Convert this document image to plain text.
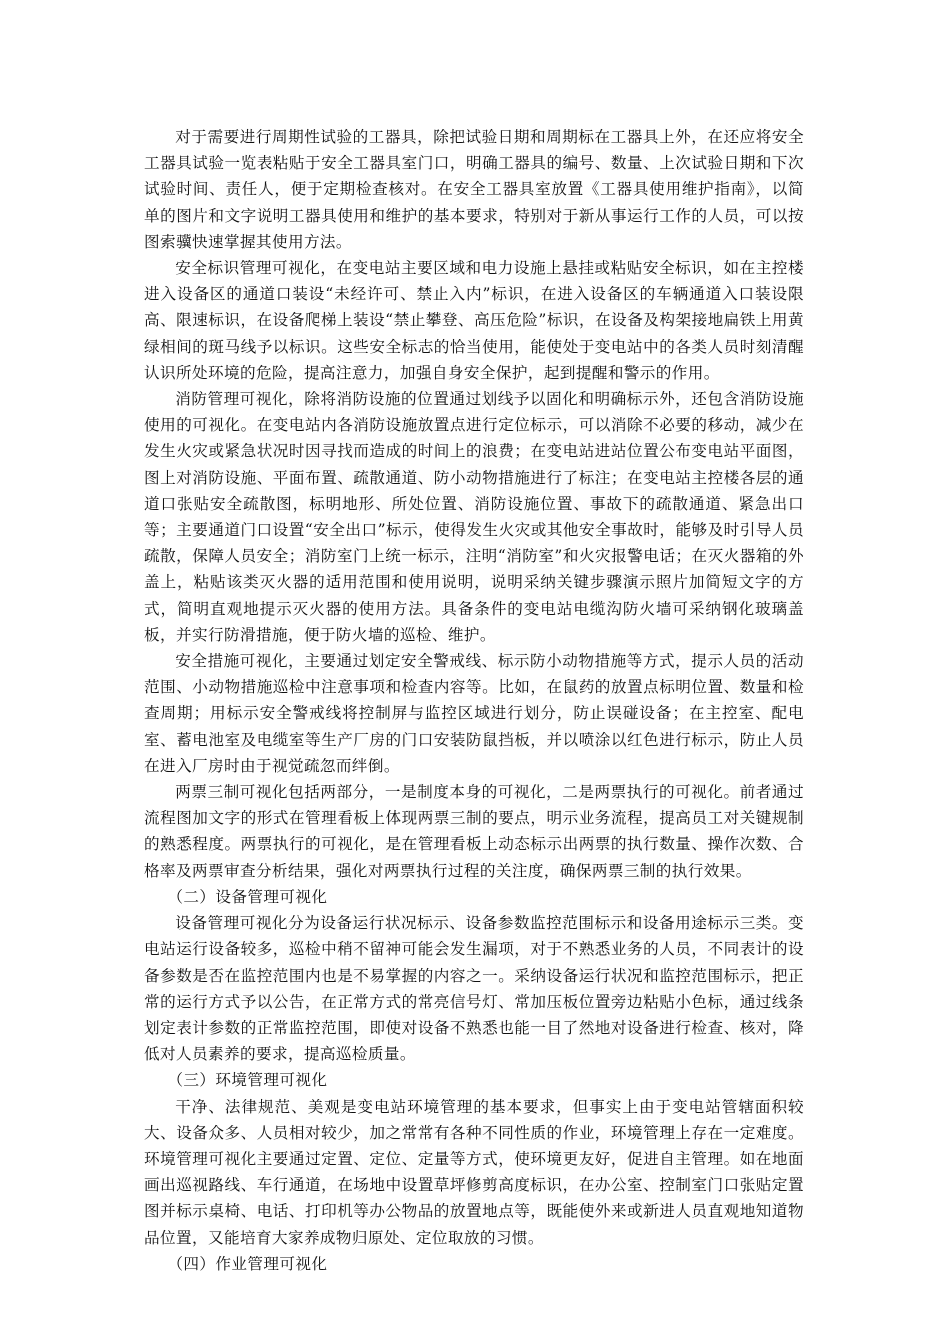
对于需要进行周期性试验的工器具，除把试验日期和周期标在工器具上外，在还应将安全工器具试验一览表粘贴于安全工器具室门口，明确工器具的编号、数量、上次试验日期和下次试验时间、责任人，便于定期检查核对。在安全工器具室放置《工器具使用维护指南》，以简单的图片和文字说明工器具使用和维护的基本要求，特别对于新从事运行工作的人员，可以按图索骥快速掌握其使用方法。

安全标识管理可视化，在变电站主要区域和电力设施上悬挂或粘贴安全标识，如在主控楼进入设备区的通道口装设“未经许可、禁止入内”标识，在进入设备区的车辆通道入口装设限高、限速标识，在设备爬梯上装设“禁止攀登、高压危险”标识，在设备及构架接地扁铁上用黄绿相间的斑马线予以标识。这些安全标志的恰当使用，能使处于变电站中的各类人员时刻清醒认识所处环境的危险，提高注意力，加强自身安全保护，起到提醒和警示的作用。

消防管理可视化，除将消防设施的位置通过划线予以固化和明确标示外，还包含消防设施使用的可视化。在变电站内各消防设施放置点进行定位标示，可以消除不必要的移动，减少在发生火灾或紧急状况时因寻找而造成的时间上的浪费；在变电站进站位置公布变电站平面图，图上对消防设施、平面布置、疏散通道、防小动物措施进行了标注；在变电站主控楼各层的通道口张贴安全疏散图，标明地形、所处位置、消防设施位置、事故下的疏散通道、紧急出口等；主要通道门口设置“安全出口”标示，使得发生火灾或其他安全事故时，能够及时引导人员疏散，保障人员安全；消防室门上统一标示，注明“消防室”和火灾报警电话；在灭火器箱的外盖上，粘贴该类灭火器的适用范围和使用说明，说明采纳关键步骤演示照片加简短文字的方式，简明直观地提示灭火器的使用方法。具备条件的变电站电缆沟防火墙可采纳钢化玻璃盖板，并实行防滑措施，便于防火墙的巡检、维护。

安全措施可视化，主要通过划定安全警戒线、标示防小动物措施等方式，提示人员的活动范围、小动物措施巡检中注意事项和检查内容等。比如，在鼠药的放置点标明位置、数量和检查周期；用标示安全警戒线将控制屏与监控区域进行划分，防止误碰设备；在主控室、配电室、蓄电池室及电缆室等生产厂房的门口安装防鼠挡板，并以喷涂以红色进行标示，防止人员在进入厂房时由于视觉疏忽而绊倒。

两票三制可视化包括两部分，一是制度本身的可视化，二是两票执行的可视化。前者通过流程图加文字的形式在管理看板上体现两票三制的要点，明示业务流程，提高员工对关键规制的熟悉程度。两票执行的可视化，是在管理看板上动态标示出两票的执行数量、操作次数、合格率及两票审查分析结果，强化对两票执行过程的关注度，确保两票三制的执行效果。

（二）设备管理可视化

设备管理可视化分为设备运行状况标示、设备参数监控范围标示和设备用途标示三类。变电站运行设备较多，巡检中稍不留神可能会发生漏项，对于不熟悉业务的人员，不同表计的设备参数是否在监控范围内也是不易掌握的内容之一。采纳设备运行状况和监控范围标示，把正常的运行方式予以公告，在正常方式的常亮信号灯、常加压板位置旁边粘贴小色标，通过线条划定表计参数的正常监控范围，即使对设备不熟悉也能一目了然地对设备进行检查、核对，降低对人员素养的要求，提高巡检质量。

（三）环境管理可视化

干净、法律规范、美观是变电站环境管理的基本要求，但事实上由于变电站管辖面积较大、设备众多、人员相对较少，加之常常有各种不同性质的作业，环境管理上存在一定难度。环境管理可视化主要通过定置、定位、定量等方式，使环境更友好，促进自主管理。如在地面画出巡视路线、车行通道，在场地中设置草坪修剪高度标识，在办公室、控制室门口张贴定置图并标示桌椅、电话、打印机等办公物品的放置地点等，既能使外来或新进人员直观地知道物品位置，又能培育大家养成物归原处、定位取放的习惯。

（四）作业管理可视化
